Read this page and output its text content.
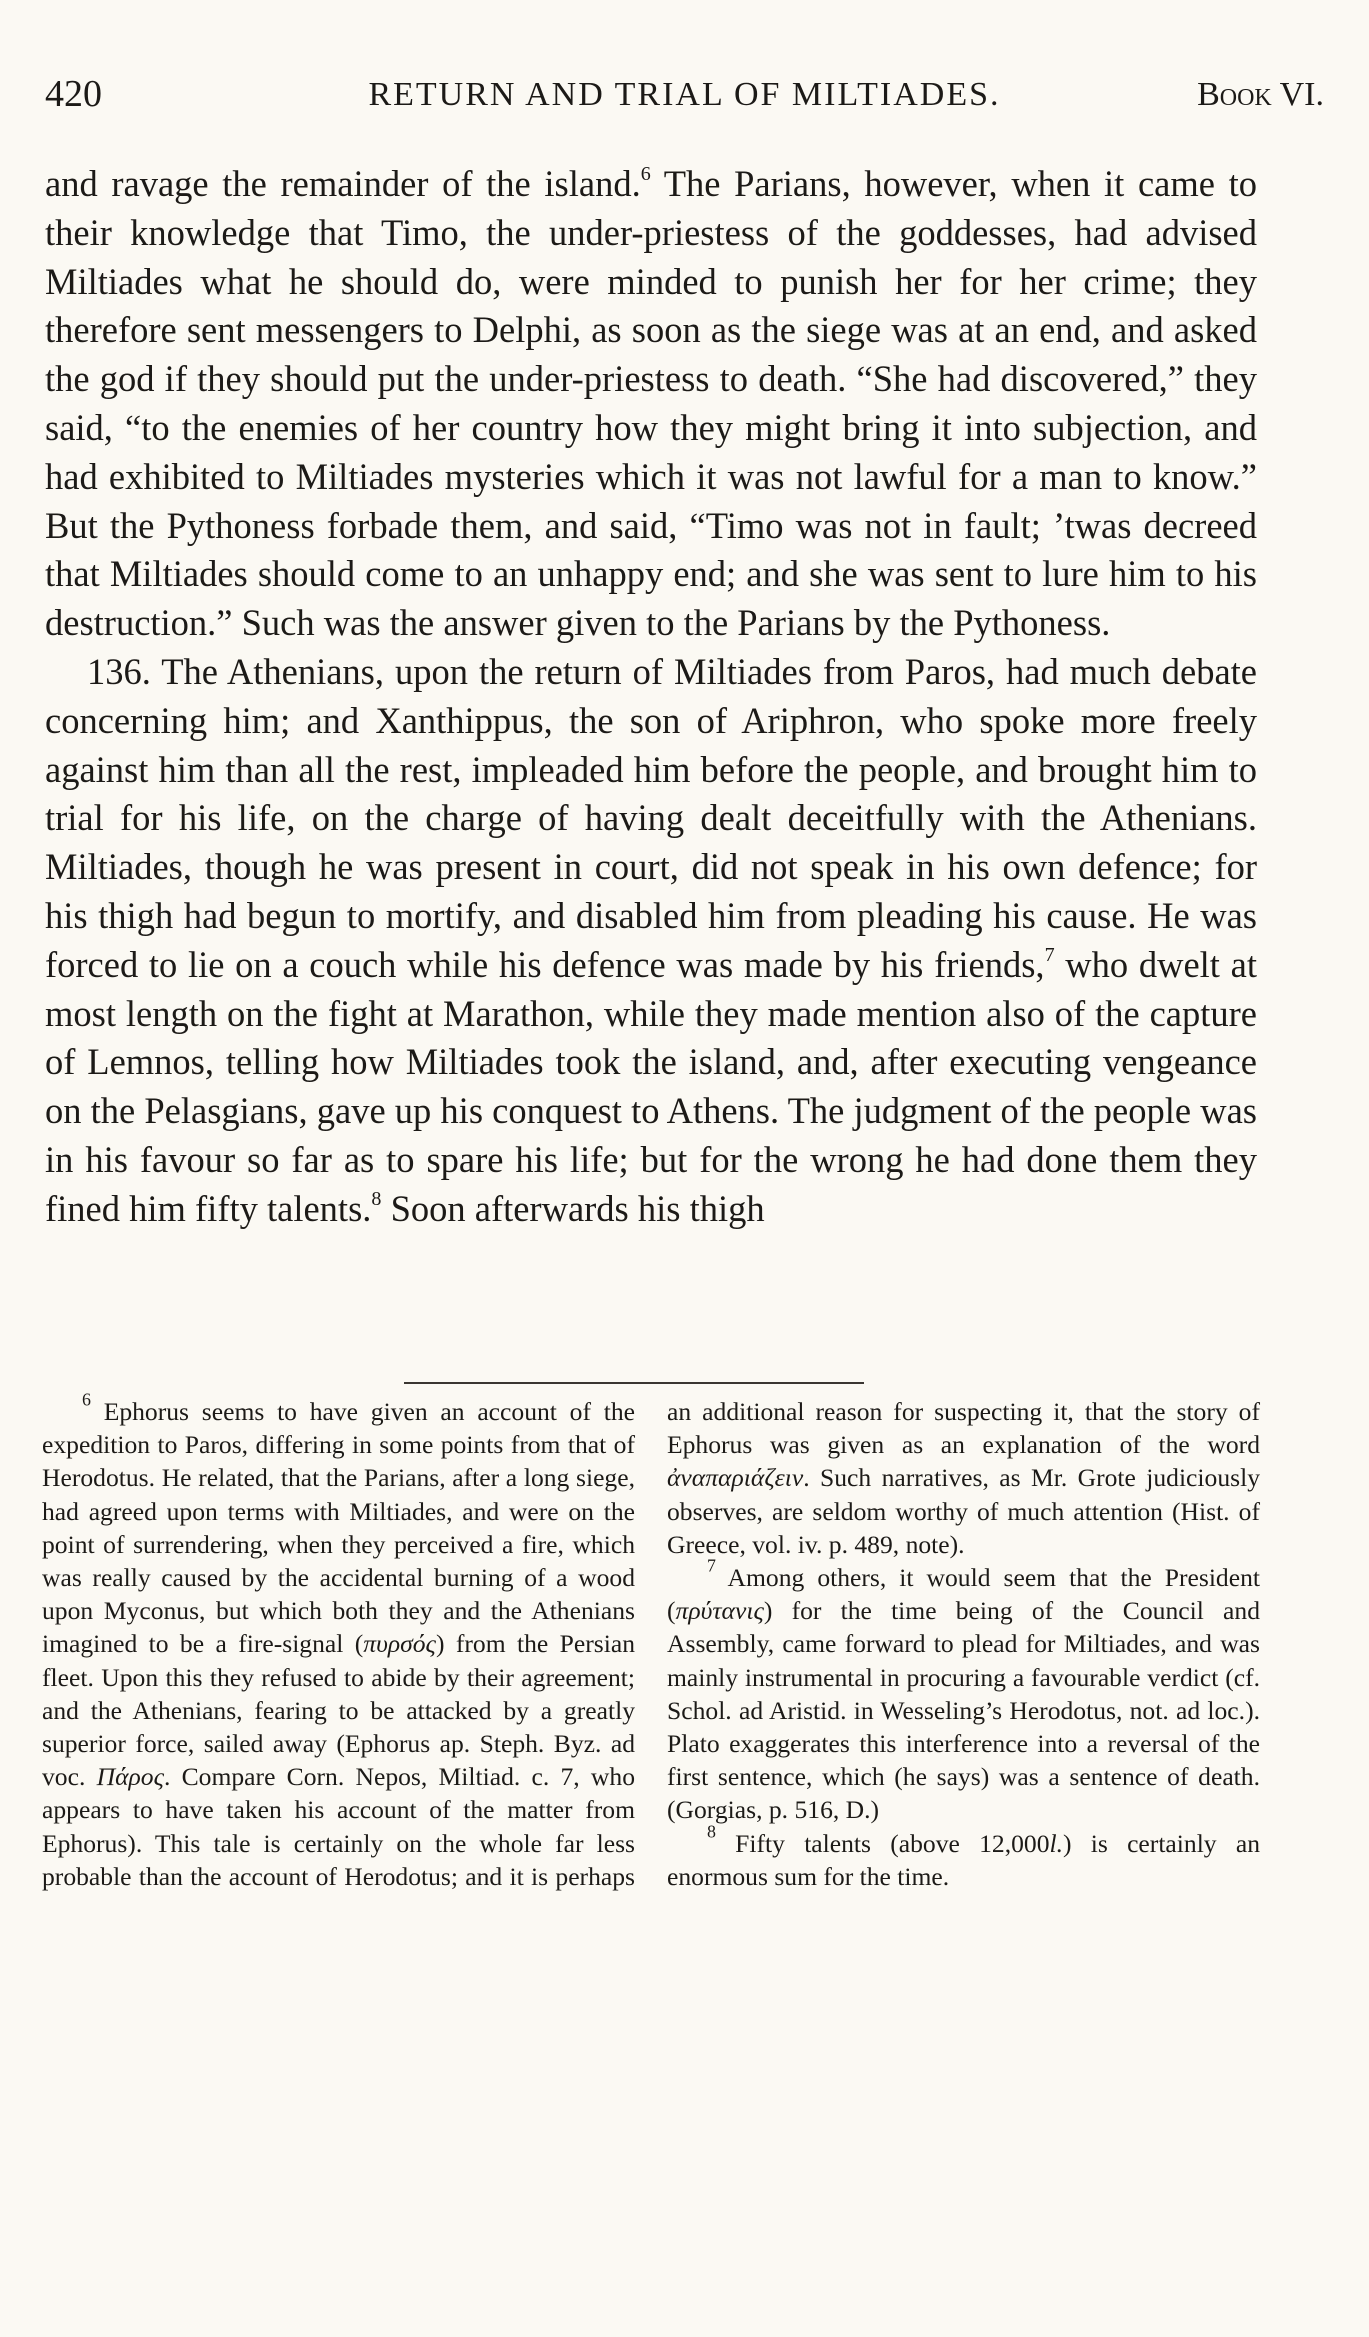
420	RETURN AND TRIAL OF MILTIADES.	Book VI.

and ravage the remainder of the island.$^6$ The Parians, however, when it came to their knowledge that Timo, the under-priestess of the goddesses, had advised Miltiades what he should do, were minded to punish her for her crime; they therefore sent messengers to Delphi, as soon as the siege was at an end, and asked the god if they should put the under-priestess to death. “She had discovered,” they said, “to the enemies of her country how they might bring it into subjection, and had exhibited to Miltiades mysteries which it was not lawful for a man to know.” But the Pythoness forbade them, and said, “Timo was not in fault; ’twas decreed that Miltiades should come to an unhappy end; and she was sent to lure him to his destruction.” Such was the answer given to the Parians by the Pythoness.

136. The Athenians, upon the return of Miltiades from Paros, had much debate concerning him; and Xanthippus, the son of Ariphron, who spoke more freely against him than all the rest, impleaded him before the people, and brought him to trial for his life, on the charge of having dealt deceitfully with the Athenians. Miltiades, though he was present in court, did not speak in his own defence; for his thigh had begun to mortify, and disabled him from pleading his cause. He was forced to lie on a couch while his defence was made by his friends,$^7$ who dwelt at most length on the fight at Marathon, while they made mention also of the capture of Lemnos, telling how Miltiades took the island, and, after executing vengeance on the Pelasgians, gave up his conquest to Athens. The judgment of the people was in his favour so far as to spare his life; but for the wrong he had done them they fined him fifty talents.$^8$ Soon afterwards his thigh

$^6$ Ephorus seems to have given an account of the expedition to Paros, differing in some points from that of Herodotus. He related, that the Parians, after a long siege, had agreed upon terms with Miltiades, and were on the point of surrendering, when they perceived a fire, which was really caused by the accidental burning of a wood upon Myconus, but which both they and the Athenians imagined to be a fire-signal (πυρσός) from the Persian fleet. Upon this they refused to abide by their agreement; and the Athenians, fearing to be attacked by a greatly superior force, sailed away (Ephorus ap. Steph. Byz. ad voc. Πάρος. Compare Corn. Nepos, Miltiad. c. 7, who appears to have taken his account of the matter from Ephorus). This tale is certainly on the whole far less probable than the account of Herodotus; and it is perhaps an additional reason for suspecting it, that the story of Ephorus was given as an explanation of the word ἀναπαριάζειν. Such narratives, as Mr. Grote judiciously observes, are seldom worthy of much attention (Hist. of Greece, vol. iv. p. 489, note).

$^7$ Among others, it would seem that the President (πρύτανις) for the time being of the Council and Assembly, came forward to plead for Miltiades, and was mainly instrumental in procuring a favourable verdict (cf. Schol. ad Aristid. in Wesseling’s Herodotus, not. ad loc.). Plato exaggerates this interference into a reversal of the first sentence, which (he says) was a sentence of death. (Gorgias, p. 516, D.)

$^8$ Fifty talents (above 12,000l.) is certainly an enormous sum for the time.
